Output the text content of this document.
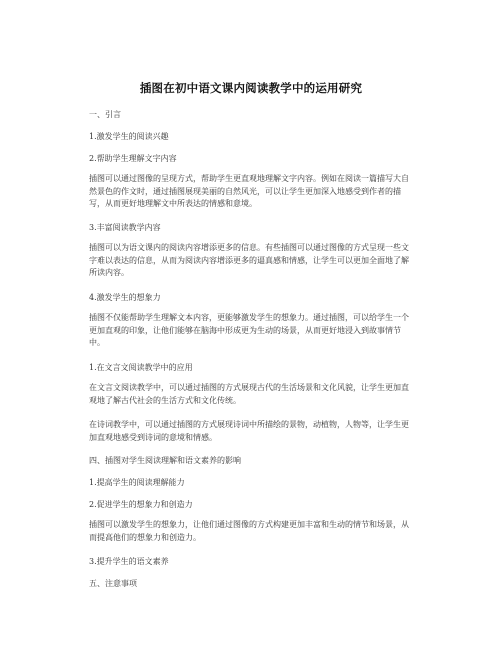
插图在初中语文课内阅读教学中的运用研究
一、引言
1.激发学生的阅读兴趣
2.帮助学生理解文字内容

插图可以通过图像的呈现方式，帮助学生更直观地理解文字内容。例如在阅读一篇描写大自然景色的作文时，通过插图展现美丽的自然风光，可以让学生更加深入地感受到作者的描写，从而更好地理解文中所表达的情感和意境。

3.丰富阅读教学内容

插图可以为语文课内的阅读内容增添更多的信息。有些插图可以通过图像的方式呈现一些文字难以表达的信息，从而为阅读内容增添更多的逼真感和情感，让学生可以更加全面地了解所读内容。

4.激发学生的想象力

插图不仅能帮助学生理解文本内容，更能够激发学生的想象力。通过插图，可以给学生一个更加直观的印象，让他们能够在脑海中形成更为生动的场景，从而更好地浸入到故事情节中。

1.在文言文阅读教学中的应用

在文言文阅读教学中，可以通过插图的方式展现古代的生活场景和文化风貌，让学生更加直观地了解古代社会的生活方式和文化传统。

在诗词教学中，可以通过插图的方式展现诗词中所描绘的景物，动植物，人物等，让学生更加直观地感受到诗词的意境和情感。

四、插图对学生阅读理解和语文素养的影响
1.提高学生的阅读理解能力
2.促进学生的想象力和创造力

插图可以激发学生的想象力，让他们通过图像的方式构建更加丰富和生动的情节和场景，从而提高他们的想象力和创造力。

3.提升学生的语文素养
五、注意事项
